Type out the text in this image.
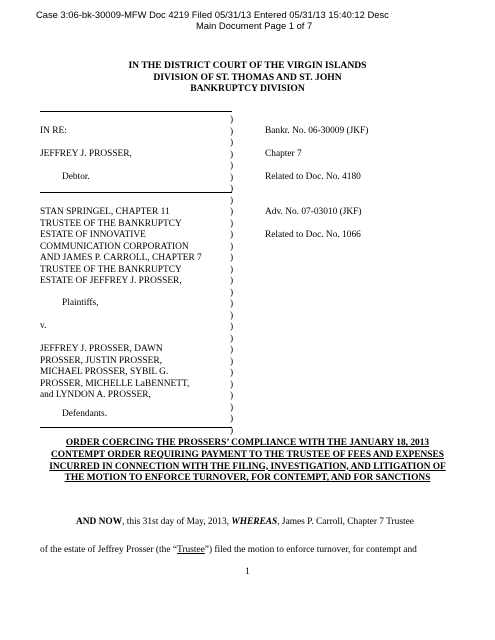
Case 3:06-bk-30009-MFW Doc 4219 Filed 05/31/13 Entered 05/31/13 15:40:12 Desc
Main Document Page 1 of 7
IN THE DISTRICT COURT OF THE VIRGIN ISLANDS
DIVISION OF ST. THOMAS AND ST. JOHN
BANKRUPTCY DIVISION
)
)
)
)
)
)
)
)
)
)
)
)
)
)
)
)
)
)
)
)
)
)
)
)
)
)
)
)
IN RE:
JEFFREY J. PROSSER,
Debtor.
STAN SPRINGEL, CHAPTER 11
TRUSTEE OF THE BANKRUPTCY
ESTATE OF INNOVATIVE
COMMUNICATION CORPORATION
AND JAMES P. CARROLL, CHAPTER 7
TRUSTEE OF THE BANKRUPTCY
ESTATE OF JEFFREY J. PROSSER,
Plaintiffs,
v.
JEFFREY J. PROSSER, DAWN
PROSSER, JUSTIN PROSSER,
MICHAEL PROSSER, SYBIL G.
PROSSER, MICHELLE LaBENNETT,
and LYNDON A. PROSSER,
Defendants.
Bankr. No. 06-30009 (JKF)
Chapter 7
Related to Doc. No. 4180
Adv. No. 07-03010 (JKF)
Related to Doc. No. 1066
ORDER COERCING THE PROSSERS’ COMPLIANCE WITH THE JANUARY 18, 2013 CONTEMPT ORDER REQUIRING PAYMENT TO THE TRUSTEE OF FEES AND EXPENSES INCURRED IN CONNECTION WITH THE FILING, INVESTIGATION, AND LITIGATION OF THE MOTION TO ENFORCE TURNOVER, FOR CONTEMPT, AND FOR SANCTIONS
AND NOW, this 31st day of May, 2013, WHEREAS, James P. Carroll, Chapter 7 Trustee
of the estate of Jeffrey Prosser (the “Trustee”) filed the motion to enforce turnover, for contempt and
1
